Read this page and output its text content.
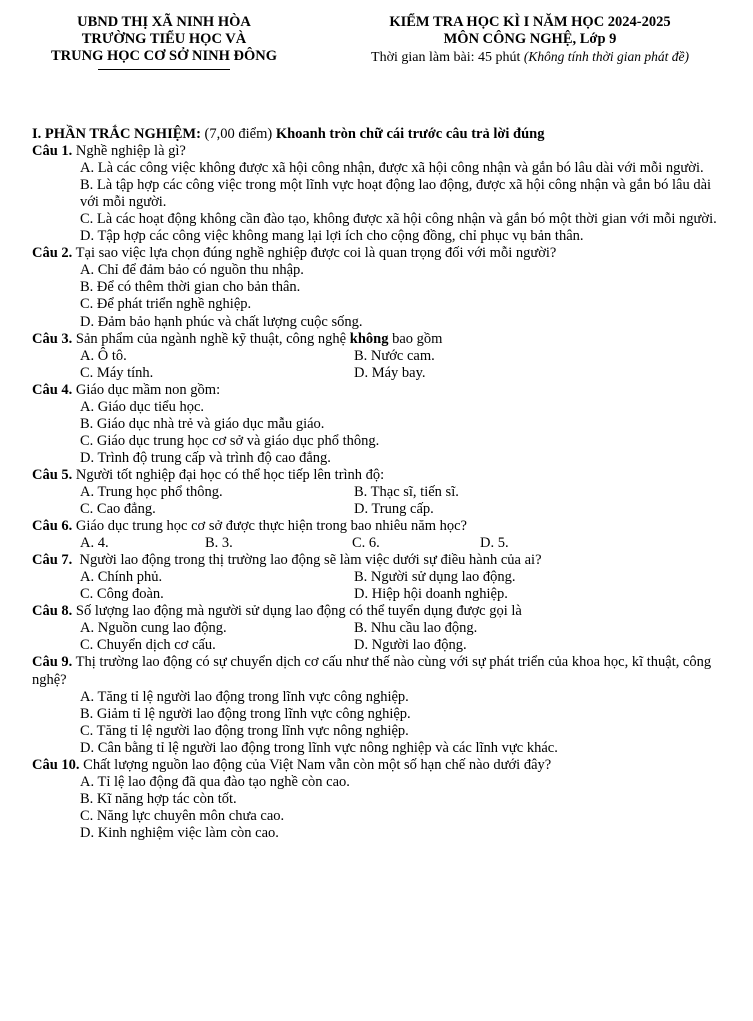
UBND THỊ XÃ NINH HÒA
TRƯỜNG TIỂU HỌC VÀ
TRUNG HỌC CƠ SỞ NINH ĐÔNG
KIỂM TRA HỌC KÌ I NĂM HỌC 2024-2025
MÔN CÔNG NGHỆ, Lớp 9
Thời gian làm bài: 45 phút (Không tính thời gian phát đề)

I. PHẦN TRẮC NGHIỆM: (7,00 điểm) Khoanh tròn chữ cái trước câu trả lời đúng

Câu 1. Nghề nghiệp là gì?

A. Là các công việc không được xã hội công nhận, được xã hội công nhận và gắn bó lâu dài với mỗi người.

B. Là tập hợp các công việc trong một lĩnh vực hoạt động lao động, được xã hội công nhận và gắn bó lâu dài với mỗi người.

C. Là các hoạt động không cần đào tạo, không được xã hội công nhận và gắn bó một thời gian với mỗi người.

D. Tập hợp các công việc không mang lại lợi ích cho cộng đồng, chỉ phục vụ bản thân.

Câu 2. Tại sao việc lựa chọn đúng nghề nghiệp được coi là quan trọng đối với mỗi người?

A. Chỉ để đảm bảo có nguồn thu nhập.

B. Để có thêm thời gian cho bản thân.

C. Để phát triển nghề nghiệp.

D. Đảm bảo hạnh phúc và chất lượng cuộc sống.

Câu 3. Sản phẩm của ngành nghề kỹ thuật, công nghệ không bao gồm

A. Ô tô.	B. Nước cam.
C. Máy tính.	D. Máy bay.

Câu 4. Giáo dục mầm non gồm:

A. Giáo dục tiểu học.

B. Giáo dục nhà trẻ và giáo dục mẫu giáo.

C. Giáo dục trung học cơ sở và giáo dục phổ thông.

D. Trình độ trung cấp và trình độ cao đẳng.

Câu 5. Người tốt nghiệp đại học có thể học tiếp lên trình độ:

A. Trung học phổ thông.	B. Thạc sĩ, tiến sĩ.
C. Cao đẳng.	D. Trung cấp.

Câu 6. Giáo dục trung học cơ sở được thực hiện trong bao nhiêu năm học?

A. 4.	B. 3.	C. 6.	D. 5.

Câu 7. Người lao động trong thị trường lao động sẽ làm việc dưới sự điều hành của ai?

A. Chính phủ.	B. Người sử dụng lao động.
C. Công đoàn.	D. Hiệp hội doanh nghiệp.

Câu 8. Số lượng lao động mà người sử dụng lao động có thể tuyển dụng được gọi là

A. Nguồn cung lao động.	B. Nhu cầu lao động.
C. Chuyển dịch cơ cấu.	D. Người lao động.

Câu 9. Thị trường lao động có sự chuyển dịch cơ cấu như thế nào cùng với sự phát triển của khoa học, kĩ thuật, công nghệ?

A. Tăng tỉ lệ người lao động trong lĩnh vực công nghiệp.

B. Giảm tỉ lệ người lao động trong lĩnh vực công nghiệp.

C. Tăng tỉ lệ người lao động trong lĩnh vực nông nghiệp.

D. Cân bằng tỉ lệ người lao động trong lĩnh vực nông nghiệp và các lĩnh vực khác.

Câu 10. Chất lượng nguồn lao động của Việt Nam vẫn còn một số hạn chế nào dưới đây?

A. Tỉ lệ lao động đã qua đào tạo nghề còn cao.

B. Kĩ năng hợp tác còn tốt.

C. Năng lực chuyên môn chưa cao.

D. Kinh nghiệm việc làm còn cao.
